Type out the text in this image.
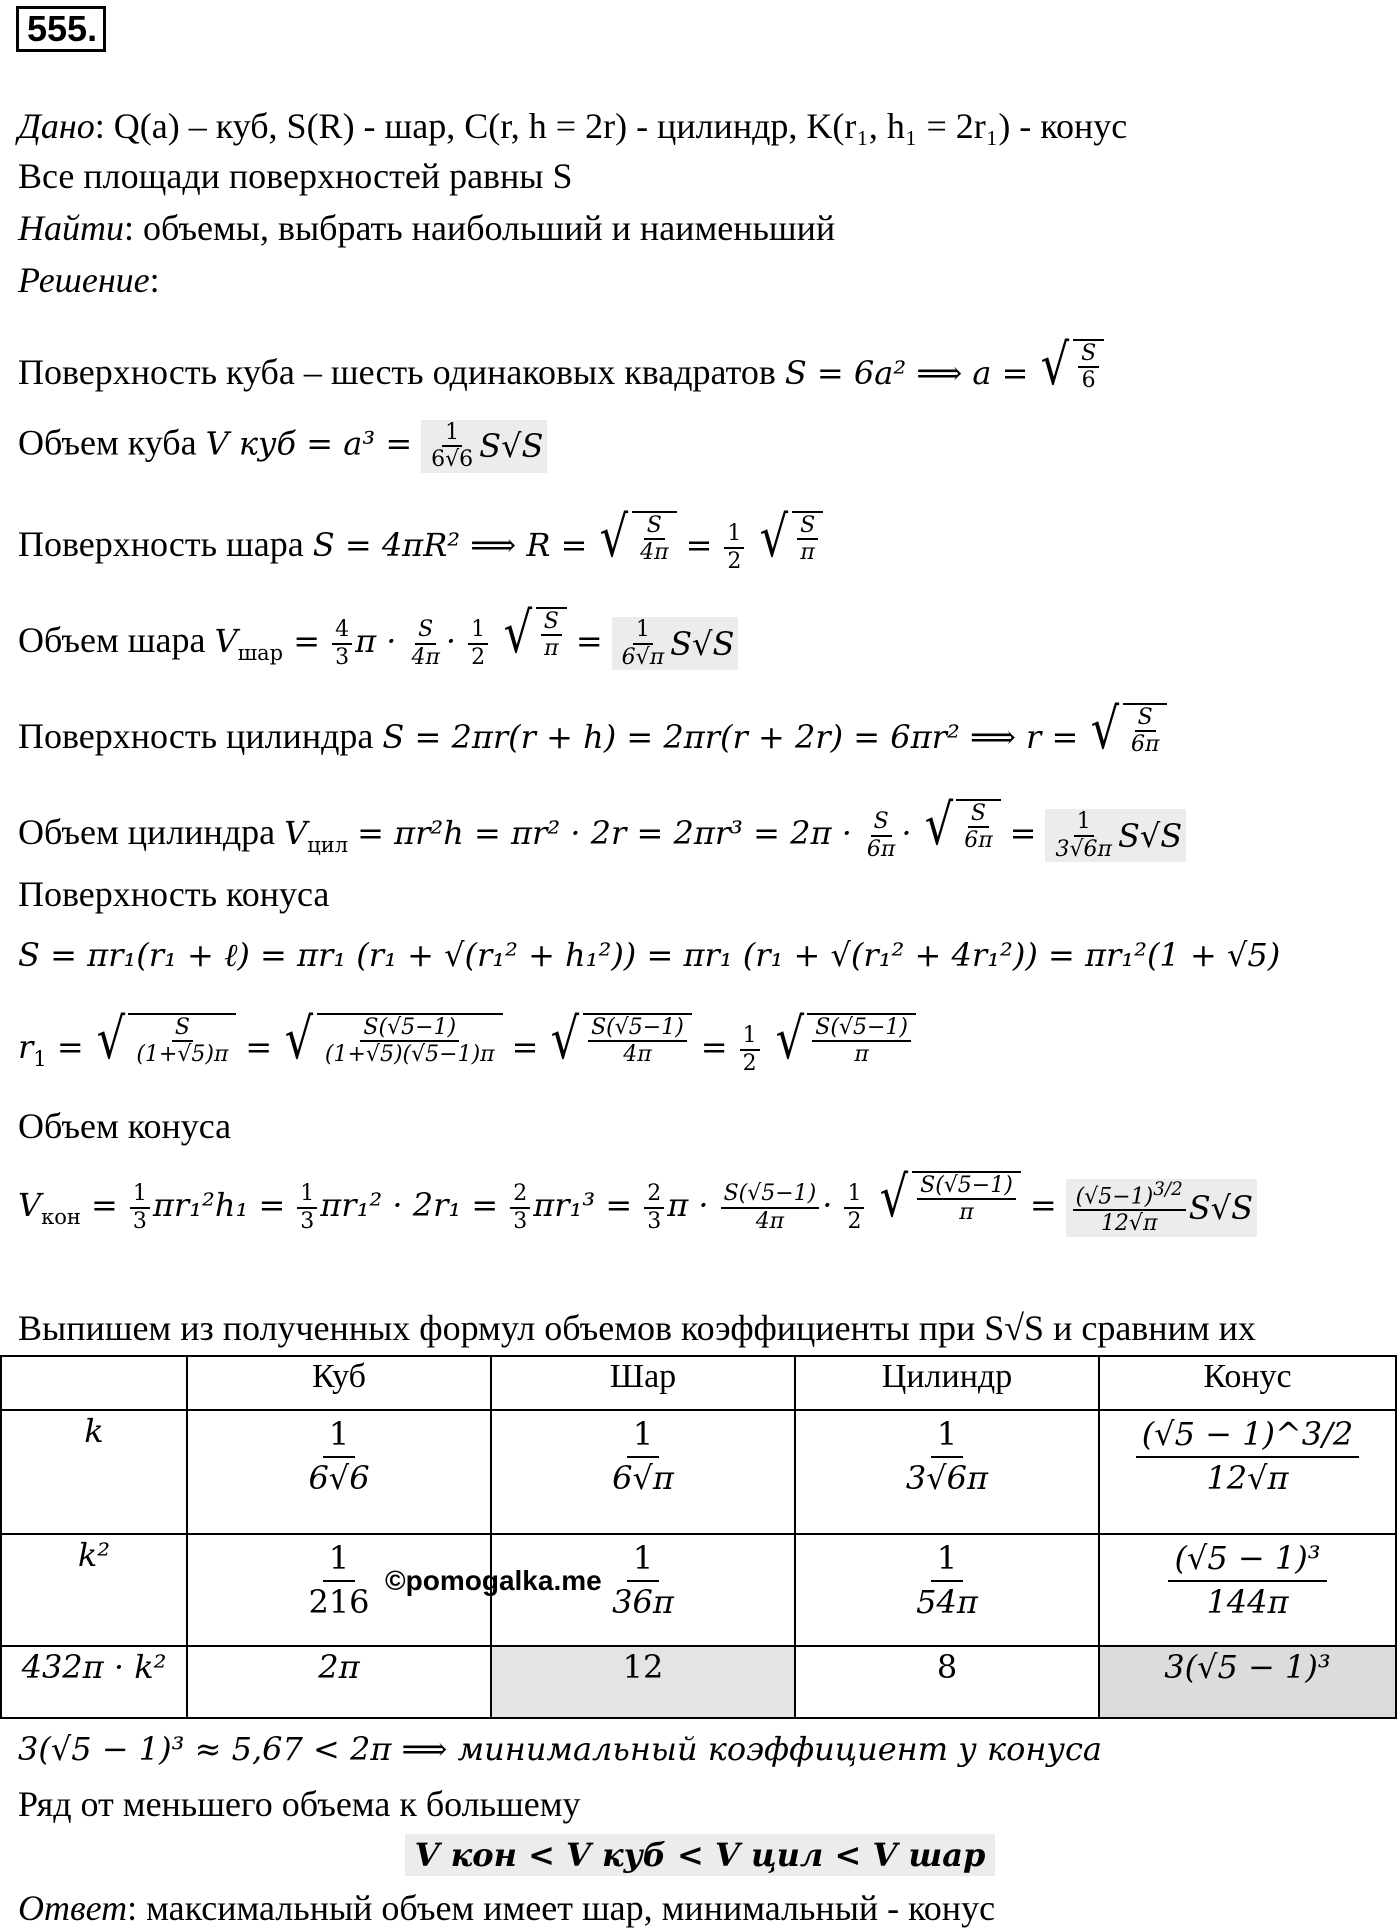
555.
Дано: Q(a) – куб, S(R) - шар, C(r, h = 2r) - цилиндр, K(r₁, h₁ = 2r₁) - конус
Все площади поверхностей равны S
Найти: объемы, выбрать наибольший и наименьший
Решение:
Поверхность куба – шесть одинаковых квадратов S = 6a² ⟹ a = √ $\frac{S}{6}$
Объем куба V куб = $a^3 = \frac{1}{6√6} S√S$
Поверхность шара S = 4πR² ⟹ R = √ $\frac{S}{4\pi} = \frac{1}{2}$
√ $\frac{S}{\pi}$
Объем шара $V_{шар} = \frac{4}{3}$ $\pi \cdot \frac{S}{4\pi} \cdot \frac{1}{2}$
√ $\frac{S}{\pi} = \frac{1}{6√\pi} S√S$
Поверхность цилиндра S = 2πr(r + h) = 2πr(r + 2r) = 6πr² ⟹ r = √ $\frac{S}{6\pi}$
Объем цилиндра $V_{цил} = \pi r^2h = \pi r^2 \cdot 2r = 2\pi r^3 = 2\pi \cdot \frac{S}{6\pi}$ · √ $\frac{S}{6\pi} = \frac{1}{3√6\pi} S√S$
Поверхность конуса
S = πr₁(r₁ + ℓ) = πr₁ (r₁ + √(r₁² + h₁²)) = πr₁ (r₁ + √(r₁² + 4r₁²)) = πr₁²(1 + √5)
$r_1$ = √ $\frac{S}{(1+√5)\pi}$ = √ $\frac{S(√5-1)}{(1+√5)(√5-1)\pi}$ = √ $\frac{S(√5-1)}{4\pi} = \frac{1}{2}$
√ $\frac{S(√5-1)}{\pi}$
Объем конуса
$V_{кон} = \frac{1}{3} \pi r_1^2h_1 = \frac{1}{3} \pi r_1^2 \cdot 2r_1 = \frac{2}{3} \pi r_1^3 = \frac{2}{3}$ $\pi \cdot \frac{S(√5-1)}{4\pi} \cdot \frac{1}{2}$
√ $\frac{S(√5-1)}{\pi} = \frac{(√5-1)^{3/2}}{12√\pi} S√S$
Выпишем из полученных формул объемов коэффициенты при S√S и сравним их
	Куб	Шар	Цилиндр	Конус
k	$\frac{1}{6√6}$	$\frac{1}{6√\pi}$	$\frac{1}{3√6\pi}$	$\frac{(√5 - 1)\^{}3/2}{12√\pi}$

k²	$\frac{1}{216}$	$\frac{1}{36\pi}$	$\frac{1}{54\pi}$	$\frac{\text{(√5 − 1)³}}{144\pi}$

432π · k²	2π	12	8	3(√5 − 1)³
©pomogalka.me
3(√5 − 1)³ ≈ 5,67 < 2π ⟹ минимальный коэффициент у конуса
Ряд от меньшего объема к большему
V кон < V куб < V цил < V шар
Ответ: максимальный объем имеет шар, минимальный - конус
